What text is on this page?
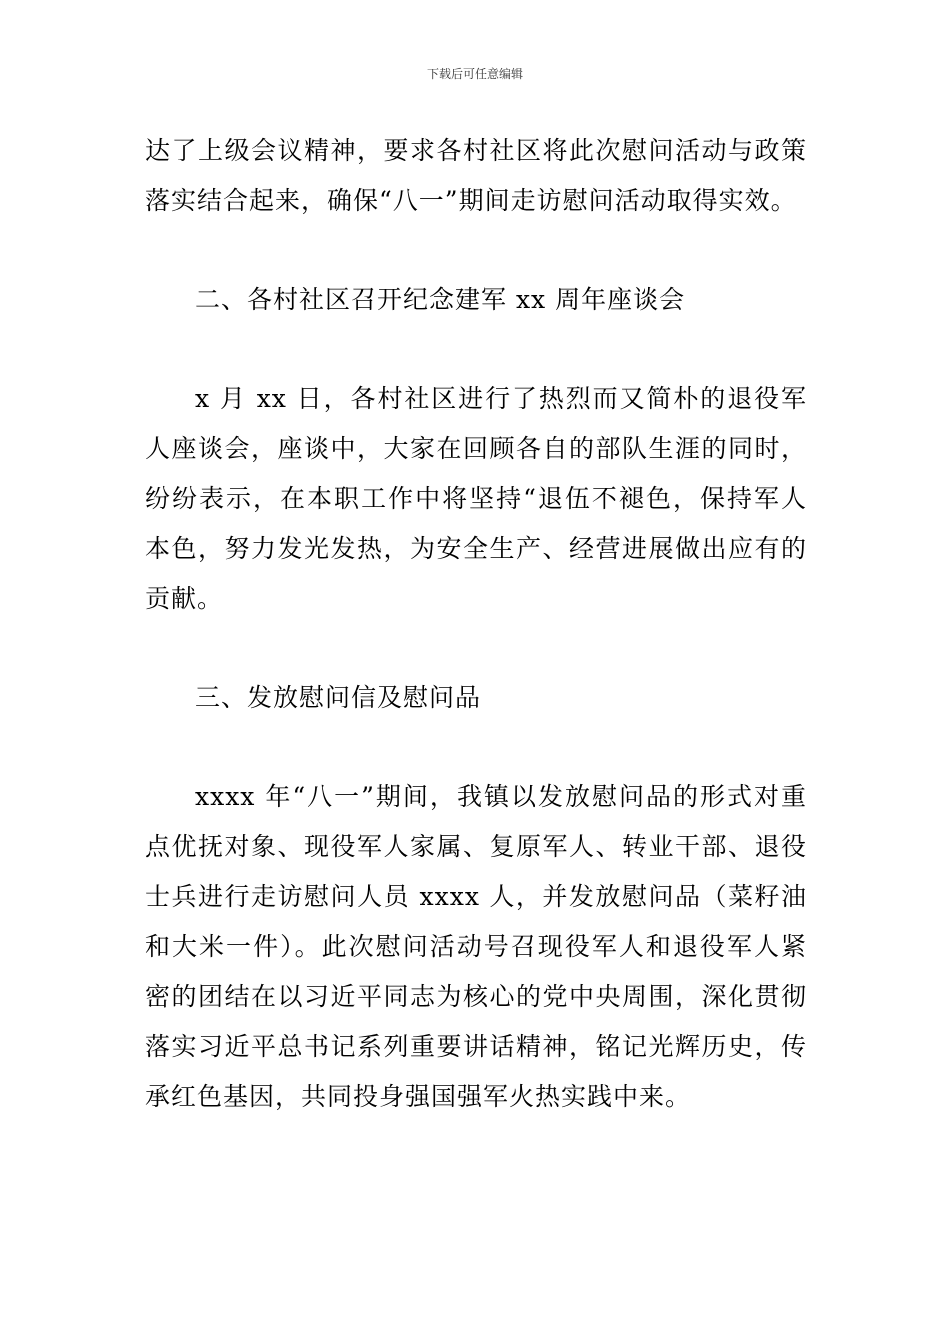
下载后可任意编辑

达了上级会议精神，要求各村社区将此次慰问活动与政策落实结合起来，确保“八一”期间走访慰问活动取得实效。

二、各村社区召开纪念建军 xx 周年座谈会

x 月 xx 日，各村社区进行了热烈而又简朴的退役军人座谈会，座谈中，大家在回顾各自的部队生涯的同时，纷纷表示，在本职工作中将坚持“退伍不褪色，保持军人本色，努力发光发热，为安全生产、经营进展做出应有的贡献。

三、发放慰问信及慰问品

xxxx 年“八一”期间，我镇以发放慰问品的形式对重点优抚对象、现役军人家属、复原军人、转业干部、退役士兵进行走访慰问人员 xxxx 人，并发放慰问品（菜籽油和大米一件）。此次慰问活动号召现役军人和退役军人紧密的团结在以习近平同志为核心的党中央周围，深化贯彻落实习近平总书记系列重要讲话精神，铭记光辉历史，传承红色基因，共同投身强国强军火热实践中来。
